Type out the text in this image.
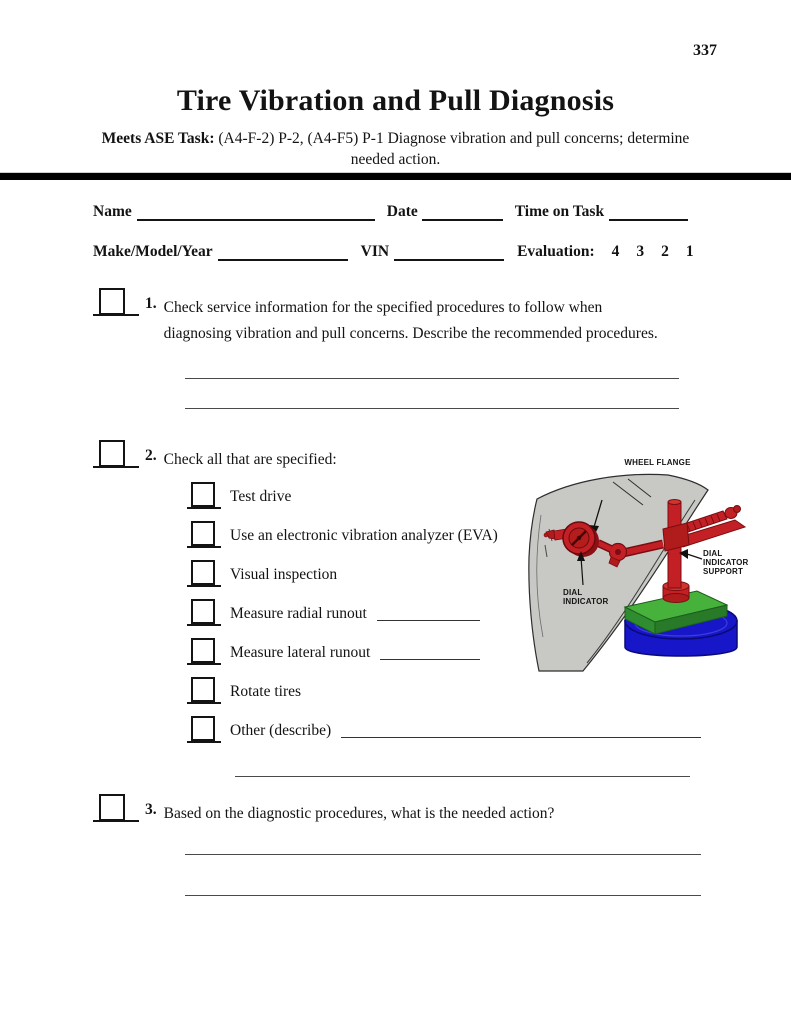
337
Tire Vibration and Pull Diagnosis
Meets ASE Task: (A4-F-2) P-2, (A4-F5) P-1 Diagnose vibration and pull concerns; determine
needed action.
Name	Date	Time on Task
Make/Model/Year	VIN	Evaluation: 4 3 2 1
1. Check service information for the specified procedures to follow when diagnosing vibration and pull concerns. Describe the recommended procedures.
2. Check all that are specified:
Test drive
Use an electronic vibration analyzer (EVA)
Visual inspection
Measure radial runout
Measure lateral runout
Rotate tires
Other (describe)
3. Based on the diagnostic procedures, what is the needed action?
WHEEL FLANGE
DIAL INDICATOR
DIAL INDICATOR SUPPORT
